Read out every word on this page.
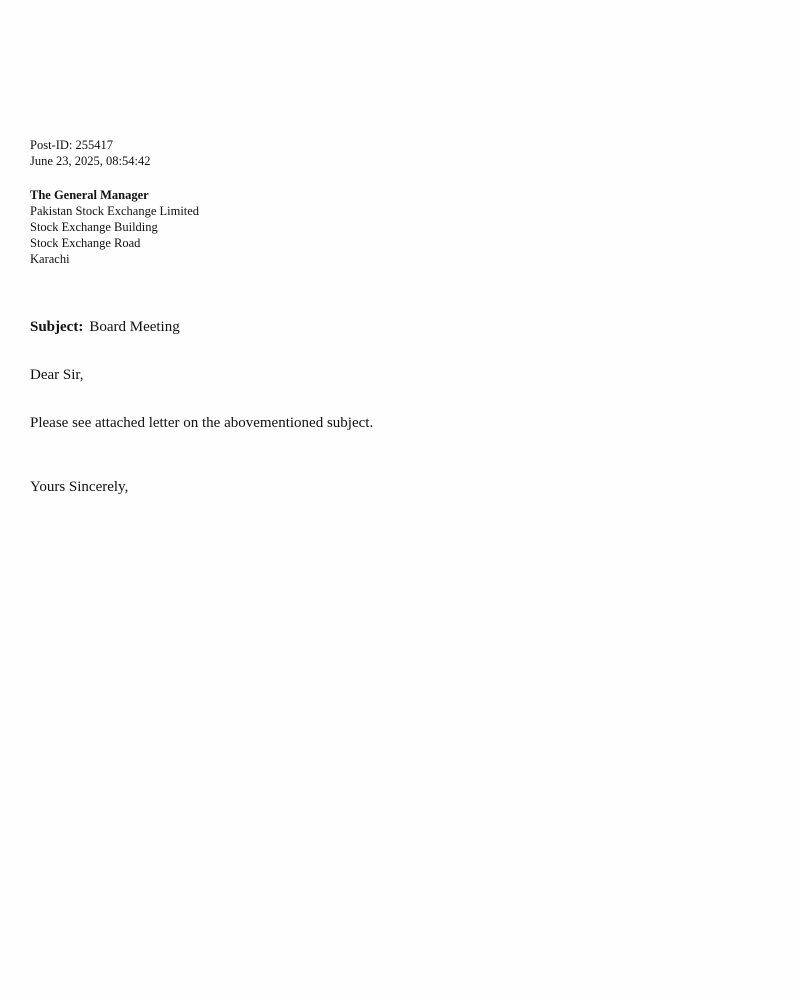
Post-ID: 255417
June 23, 2025, 08:54:42
The General Manager
Pakistan Stock Exchange Limited
Stock Exchange Building
Stock Exchange Road
Karachi
Subject: Board Meeting
Dear Sir,
Please see attached letter on the abovementioned subject.
Yours Sincerely,
